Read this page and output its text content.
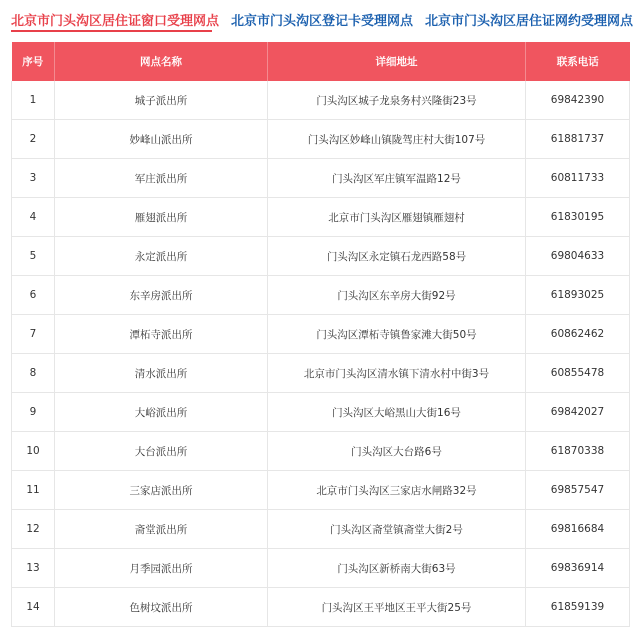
北京市门头沟区居住证窗口受理网点 北京市门头沟区登记卡受理网点 北京市门头沟区居住证网约受理网点
序号	网点名称	详细地址	联系电话
1	城子派出所	门头沟区城子龙泉务村兴隆街23号	69842390
2	妙峰山派出所	门头沟区妙峰山镇陇驾庄村大街107号	61881737
3	军庄派出所	门头沟区军庄镇军温路12号	60811733
4	雁翅派出所	北京市门头沟区雁翅镇雁翅村	61830195
5	永定派出所	门头沟区永定镇石龙西路58号	69804633
6	东辛房派出所	门头沟区东辛房大街92号	61893025
7	潭柘寺派出所	门头沟区潭柘寺镇鲁家滩大街50号	60862462
8	清水派出所	北京市门头沟区清水镇下清水村中街3号	60855478
9	大峪派出所	门头沟区大峪黑山大街16号	69842027
10	大台派出所	门头沟区大台路6号	61870338
11	三家店派出所	北京市门头沟区三家店水闸路32号	69857547
12	斋堂派出所	门头沟区斋堂镇斋堂大街2号	69816684
13	月季园派出所	门头沟区新桥南大街63号	69836914
14	色树坟派出所	门头沟区王平地区王平大街25号	61859139
